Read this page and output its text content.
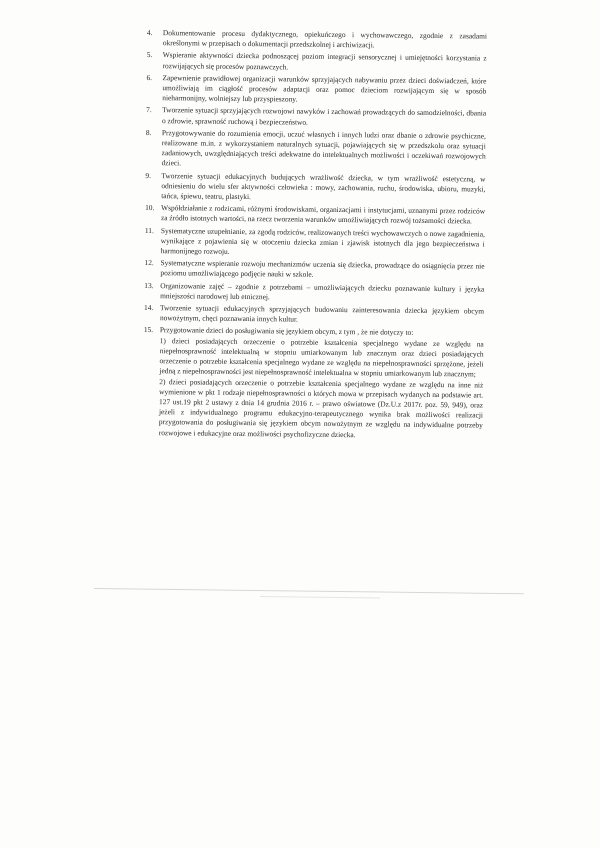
4.	Dokumentowanie procesu dydaktycznego, opiekuńczego i wychowawczego, zgodnie z zasadami określonymi w przepisach o dokumentacji przedszkolnej i archiwizacji.
5.	Wspieranie aktywności dziecka podnoszącej poziom integracji sensorycznej i umiejętności korzystania z rozwijających się procesów poznawczych.
6.	Zapewnienie prawidłowej organizacji warunków sprzyjających nabywaniu przez dzieci doświadczeń, które umożliwiają im ciągłość procesów adaptacji oraz pomoc dzieciom rozwijającym się w sposób nieharmonijny, wolniejszy lub przyspieszony.
7.	Tworzenie sytuacji sprzyjających rozwojowi nawyków i zachowań prowadzących do samodzielności, dbania o zdrowie, sprawność ruchową i bezpieczeństwo.
8.	Przygotowywanie do rozumienia emocji, uczuć własnych i innych ludzi oraz dbanie o zdrowie psychiczne, realizowane m.in. z wykorzystaniem naturalnych sytuacji, pojawiających się w przedszkolu oraz sytuacji zadaniowych, uwzględniających treści adekwatne do intelektualnych możliwości i oczekiwań rozwojowych dzieci.
9.	Tworzenie sytuacji edukacyjnych budujących wrażliwość dziecka, w tym wrażliwość estetyczną, w odniesieniu do wielu sfer aktywności człowieka : mowy, zachowania, ruchu, środowiska, ubioru, muzyki, tańca, śpiewu, teatru, plastyki.
10. Współdziałanie z rodzicami, różnymi środowiskami, organizacjami i instytucjami, uznanymi przez rodziców za źródło istotnych wartości, na rzecz tworzenia warunków umożliwiających rozwój tożsamości dziecka.
11. Systematyczne uzupełnianie, za zgodą rodziców, realizowanych treści wychowawczych o nowe zagadnienia, wynikające z pojawienia się w otoczeniu dziecka zmian i zjawisk istotnych dla jego bezpieczeństwa i harmonijnego rozwoju.
12. Systematyczne wspieranie rozwoju mechanizmów uczenia się dziecka, prowadzące do osiągnięcia przez nie poziomu umożliwiającego podjęcie nauki w szkole.
13. Organizowanie zajęć – zgodnie z potrzebami – umożliwiających dziecku poznawanie kultury i języka mniejszości narodowej lub etnicznej.
14. Tworzenie sytuacji edukacyjnych sprzyjających budowaniu zainteresowania dziecka językiem obcym nowożytnym, chęci poznawania innych kultur.
15. Przygotowanie dzieci do posługiwania się językiem obcym, z tym , że nie dotyczy to:
1) dzieci posiadających orzeczenie o potrzebie kształcenia specjalnego wydane ze względu na niepełnosprawność intelektualną w stopniu umiarkowanym lub znacznym oraz dzieci posiadających orzeczenie o potrzebie kształcenia specjalnego wydane ze względu na niepełnosprawności sprzężone, jeżeli jedną z niepełnosprawności jest niepełnosprawność intelektualna w stopniu umiarkowanym lub znacznym;
2) dzieci posiadających orzeczenie o potrzebie kształcenia specjalnego wydane ze względu na inne niż wymienione w pkt 1 rodzaje niepełnosprawności o których mowa w przepisach wydanych na podstawie art. 127 ust.19 pkt 2 ustawy z dnia 14 grudnia 2016 r. – prawo oświatowe (Dz.U.z 2017r. poz. 59, 949), oraz jeżeli z indywidualnego programu edukacyjno-terapeutycznego wynika brak możliwości realizacji przygotowania do posługiwania się językiem obcym nowożytnym ze względu na indywidualne potrzeby rozwojowe i edukacyjne oraz możliwości psychofizyczne dziecka.
